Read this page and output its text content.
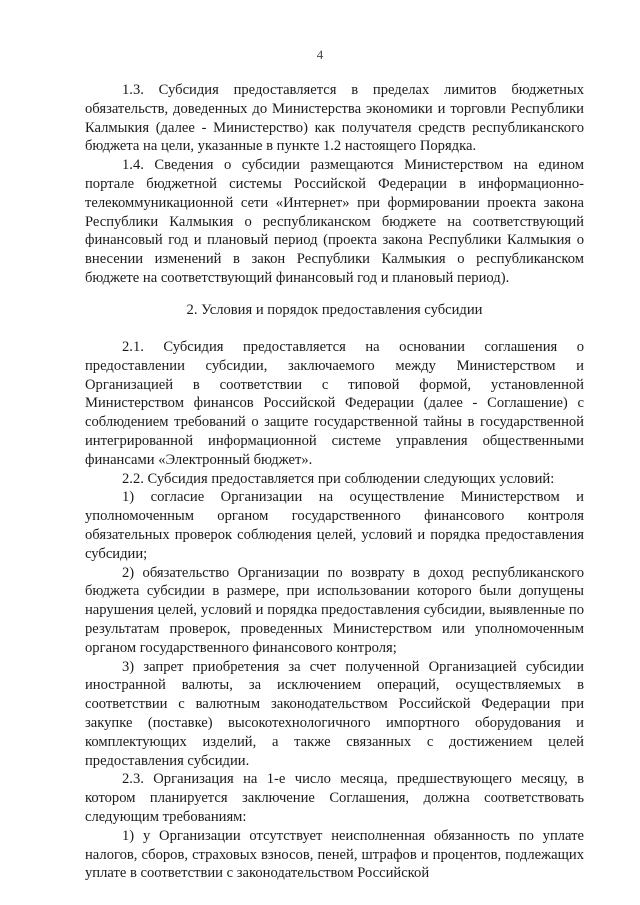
4

1.3. Субсидия предоставляется в пределах лимитов бюджетных обязательств, доведенных до Министерства экономики и торговли Республики Калмыкия (далее - Министерство) как получателя средств республиканского бюджета на цели, указанные в пункте 1.2 настоящего Порядка.

1.4. Сведения о субсидии размещаются Министерством на едином портале бюджетной системы Российской Федерации в информационно-телекоммуникационной сети «Интернет» при формировании проекта закона Республики Калмыкия о республиканском бюджете на соответствующий финансовый год и плановый период (проекта закона Республики Калмыкия о внесении изменений в закон Республики Калмыкия о республиканском бюджете на соответствующий финансовый год и плановый период).

2. Условия и порядок предоставления субсидии

2.1. Субсидия предоставляется на основании соглашения о предоставлении субсидии, заключаемого между Министерством и Организацией в соответствии с типовой формой, установленной Министерством финансов Российской Федерации (далее - Соглашение) с соблюдением требований о защите государственной тайны в государственной интегрированной информационной системе управления общественными финансами «Электронный бюджет».

2.2. Субсидия предоставляется при соблюдении следующих условий:

1) согласие Организации на осуществление Министерством и уполномоченным органом государственного финансового контроля обязательных проверок соблюдения целей, условий и порядка предоставления субсидии;

2) обязательство Организации по возврату в доход республиканского бюджета субсидии в размере, при использовании которого были допущены нарушения целей, условий и порядка предоставления субсидии, выявленные по результатам проверок, проведенных Министерством или уполномоченным органом государственного финансового контроля;

3) запрет приобретения за счет полученной Организацией субсидии иностранной валюты, за исключением операций, осуществляемых в соответствии с валютным законодательством Российской Федерации при закупке (поставке) высокотехнологичного импортного оборудования и комплектующих изделий, а также связанных с достижением целей предоставления субсидии.

2.3. Организация на 1-е число месяца, предшествующего месяцу, в котором планируется заключение Соглашения, должна соответствовать следующим требованиям:

1) у Организации отсутствует неисполненная обязанность по уплате налогов, сборов, страховых взносов, пеней, штрафов и процентов, подлежащих уплате в соответствии с законодательством Российской
